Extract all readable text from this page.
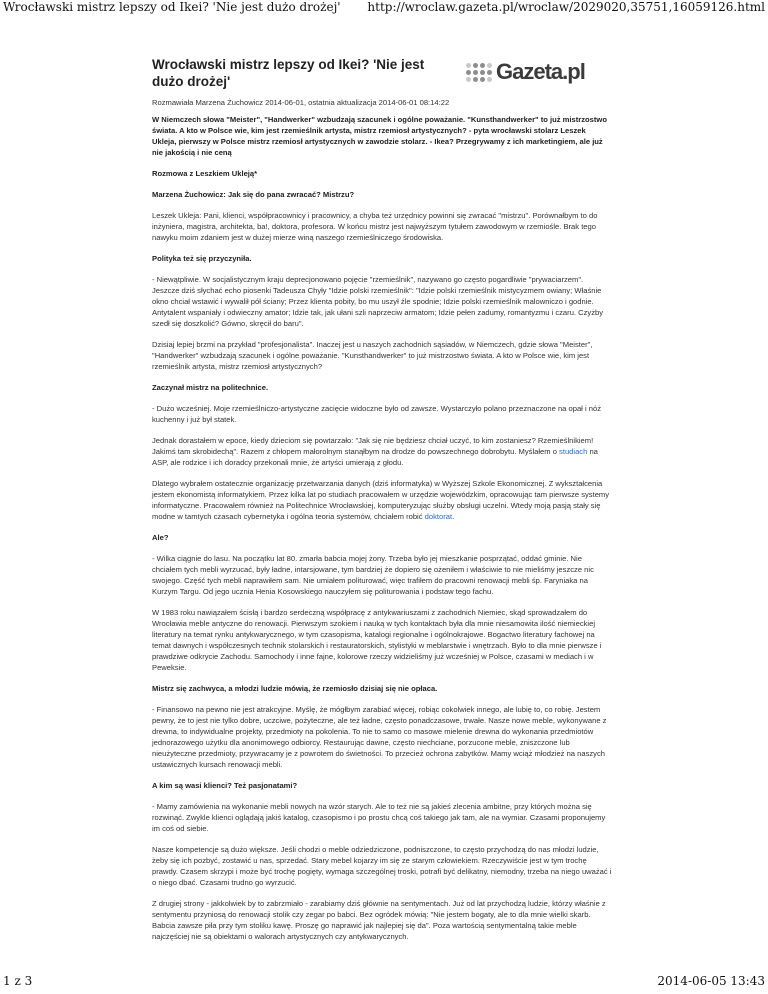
Wrocławski mistrz lepszy od Ikei? 'Nie jest dużo drożej' http://wroclaw.gazeta.pl/wroclaw/2029020,35751,16059126.html
Wrocławski mistrz lepszy od Ikei? 'Nie jest dużo drożej'	Gazeta.pl
Rozmawiała Marzena Żuchowicz 2014-06-01, ostatnia aktualizacja 2014-06-01 08:14:22

W Niemczech słowa "Meister", "Handwerker" wzbudzają szacunek i ogólne poważanie. "Kunsthandwerker" to już mistrzostwo świata. A kto w Polsce wie, kim jest rzemieślnik artysta, mistrz rzemiosł artystycznych? - pyta wrocławski stolarz Leszek Ukleja, pierwszy w Polsce mistrz rzemiosł artystycznych w zawodzie stolarz. - Ikea? Przegrywamy z ich marketingiem, ale już nie jakością i nie ceną

Rozmowa z Leszkiem Ukleją*

Marzena Żuchowicz: Jak się do pana zwracać? Mistrzu?

Leszek Ukleja: Pani, klienci, współpracownicy i pracownicy, a chyba też urzędnicy powinni się zwracać "mistrzu". Porównałbym to do inżyniera, magistra, architekta, ba!, doktora, profesora. W końcu mistrz jest najwyższym tytułem zawodowym w rzemiośle. Brak tego nawyku moim zdaniem jest w dużej mierze winą naszego rzemieślniczego środowiska.

Polityka też się przyczyniła.

- Niewątpliwie. W socjalistycznym kraju deprecjonowano pojęcie "rzemieślnik", nazywano go często pogardliwie "prywaciarzem". Jeszcze dziś słychać echo piosenki Tadeusza Chyły "Idzie polski rzemieślnik": "Idzie polski rzemieślnik mistycyzmem owiany; Właśnie okno chciał wstawić i wywalił pół ściany; Przez klienta pobity, bo mu uszył źle spodnie; Idzie polski rzemieślnik malowniczo i godnie. Antytalent wspaniały i odwieczny amator; Idzie tak, jak ułani szli naprzeciw armatom; Idzie pełen zadumy, romantyzmu i czaru. Czyżby szedł się doszkolić? Gówno, skręcił do baru".

Dzisiaj lepiej brzmi na przykład "profesjonalista". Inaczej jest u naszych zachodnich sąsiadów, w Niemczech, gdzie słowa "Meister", "Handwerker" wzbudzają szacunek i ogólne poważanie. "Kunsthandwerker" to już mistrzostwo świata. A kto w Polsce wie, kim jest rzemieślnik artysta, mistrz rzemiosł artystycznych?

Zaczynał mistrz na politechnice.

- Dużo wcześniej. Moje rzemieślniczo-artystyczne zacięcie widoczne było od zawsze. Wystarczyło polano przeznaczone na opał i nóż kuchenny i już był statek.

Jednak dorastałem w epoce, kiedy dzieciom się powtarzało: "Jak się nie będziesz chciał uczyć, to kim zostaniesz? Rzemieślnikiem! Jakimś tam skrobidechą". Razem z chłopem małorolnym stanąłbym na drodze do powszechnego dobrobytu. Myślałem o studiach na ASP, ale rodzice i ich doradcy przekonali mnie, że artyści umierają z głodu.

Dlatego wybrałem ostatecznie organizację przetwarzania danych (dziś informatyka) w Wyższej Szkole Ekonomicznej. Z wykształcenia jestem ekonomistą informatykiem. Przez kilka lat po studiach pracowałem w urzędzie wojewódzkim, opracowując tam pierwsze systemy informatyczne. Pracowałem również na Politechnice Wrocławskiej, komputeryzując służby obsługi uczelni. Wtedy moją pasją stały się modne w tamtych czasach cybernetyka i ogólna teoria systemów, chciałem robić doktorat.

Ale?

- Wilka ciągnie do lasu. Na początku lat 80. zmarła babcia mojej żony. Trzeba było jej mieszkanie posprzątać, oddać gminie. Nie chciałem tych mebli wyrzucać, były ładne, intarsjowane, tym bardziej że dopiero się ożeniłem i właściwie to nie mieliśmy jeszcze nic swojego. Część tych mebli naprawiłem sam. Nie umiałem politurować, więc trafiłem do pracowni renowacji mebli śp. Faryniaka na Kurzym Targu. Od jego ucznia Henia Kosowskiego nauczyłem się politurowania i podstaw tego fachu.

W 1983 roku nawiązałem ścisłą i bardzo serdeczną współpracę z antykwariuszami z zachodnich Niemiec, skąd sprowadzałem do Wrocławia meble antyczne do renowacji. Pierwszym szokiem i nauką w tych kontaktach była dla mnie niesamowita ilość niemieckiej literatury na temat rynku antykwarycznego, w tym czasopisma, katalogi regionalne i ogólnokrajowe. Bogactwo literatury fachowej na temat dawnych i współczesnych technik stolarskich i restauratorskich, stylistyki w meblarstwie i wnętrzach. Było to dla mnie pierwsze i prawdziwe odkrycie Zachodu. Samochody i inne fajne, kolorowe rzeczy widzieliśmy już wcześniej w Polsce, czasami w mediach i w Peweksie.

Mistrz się zachwyca, a młodzi ludzie mówią, że rzemiosło dzisiaj się nie opłaca.

- Finansowo na pewno nie jest atrakcyjne. Myślę, że mógłbym zarabiać więcej, robiąc cokolwiek innego, ale lubię to, co robię. Jestem pewny, że to jest nie tylko dobre, uczciwe, pożyteczne, ale też ładne, często ponadczasowe, trwałe. Nasze nowe meble, wykonywane z drewna, to indywidualne projekty, przedmioty na pokolenia. To nie to samo co masowe mielenie drewna do wykonania przedmiotów jednorazowego użytku dla anonimowego odbiorcy. Restaurując dawne, często niechciane, porzucone meble, zniszczone lub nieużyteczne przedmioty, przywracamy je z powrotem do świetności. To przecież ochrona zabytków. Mamy wciąż młodzież na naszych ustawicznych kursach renowacji mebli.

A kim są wasi klienci? Też pasjonatami?

- Mamy zamówienia na wykonanie mebli nowych na wzór starych. Ale to też nie są jakieś zlecenia ambitne, przy których można się rozwinąć. Zwykle klienci oglądają jakiś katalog, czasopismo i po prostu chcą coś takiego jak tam, ale na wymiar. Czasami proponujemy im coś od siebie.

Nasze kompetencje są dużo większe. Jeśli chodzi o meble odziedziczone, podniszczone, to często przychodzą do nas młodzi ludzie, żeby się ich pozbyć, zostawić u nas, sprzedać. Stary mebel kojarzy im się ze starym człowiekiem. Rzeczywiście jest w tym trochę prawdy. Czasem skrzypi i może być trochę pogięty, wymaga szczególnej troski, potrafi być delikatny, niemodny, trzeba na niego uważać i o niego dbać. Czasami trudno go wyrzucić.

Z drugiej strony - jakkolwiek by to zabrzmiało - zarabiamy dziś głównie na sentymentach. Już od lat przychodzą ludzie, którzy właśnie z sentymentu przyniosą do renowacji stolik czy zegar po babci. Bez ogródek mówią: "Nie jestem bogaty, ale to dla mnie wielki skarb. Babcia zawsze piła przy tym stoliku kawę. Proszę go naprawić jak najlepiej się da". Poza wartością sentymentalną takie meble najczęściej nie są obiektami o walorach artystycznych czy antykwarycznych.

1 z 3	2014-06-05 13:43
